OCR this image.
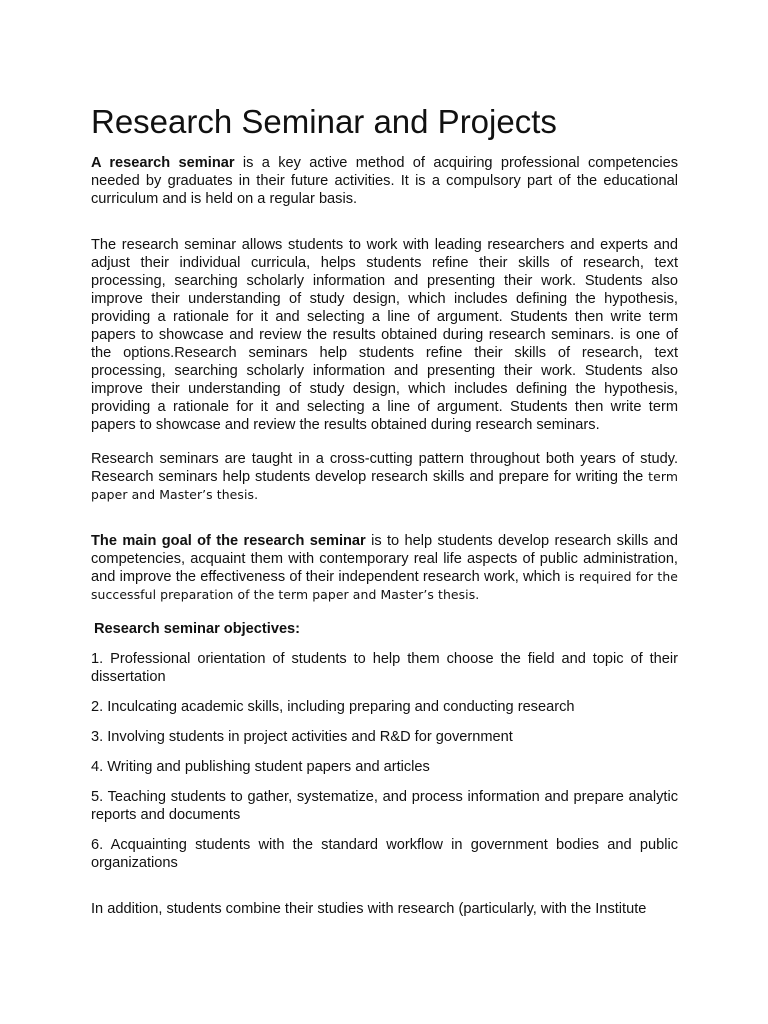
Research Seminar and Projects

A research seminar is a key active method of acquiring professional competencies needed by graduates in their future activities. It is a compulsory part of the educational curriculum and is held on a regular basis.

The research seminar allows students to work with leading researchers and experts and adjust their individual curricula, helps students refine their skills of research, text processing, searching scholarly information and presenting their work. Students also improve their understanding of study design, which includes defining the hypothesis, providing a rationale for it and selecting a line of argument. Students then write term papers to showcase and review the results obtained during research seminars. is one of the options.Research seminars help students refine their skills of research, text processing, searching scholarly information and presenting their work. Students also improve their understanding of study design, which includes defining the hypothesis, providing a rationale for it and selecting a line of argument. Students then write term papers to showcase and review the results obtained during research seminars.

Research seminars are taught in a cross-cutting pattern throughout both years of study. Research seminars help students develop research skills and prepare for writing the term paper and Master’s thesis.

The main goal of the research seminar is to help students develop research skills and competencies, acquaint them with contemporary real life aspects of public administration, and improve the effectiveness of their independent research work, which is required for the successful preparation of the term paper and Master’s thesis.

Research seminar objectives:

1. Professional orientation of students to help them choose the field and topic of their dissertation
2. Inculcating academic skills, including preparing and conducting research
3. Involving students in project activities and R&D for government
4. Writing and publishing student papers and articles
5. Teaching students to gather, systematize, and process information and prepare analytic reports and documents
6. Acquainting students with the standard workflow in government bodies and public organizations

In addition, students combine their studies with research (particularly, with the Institute
